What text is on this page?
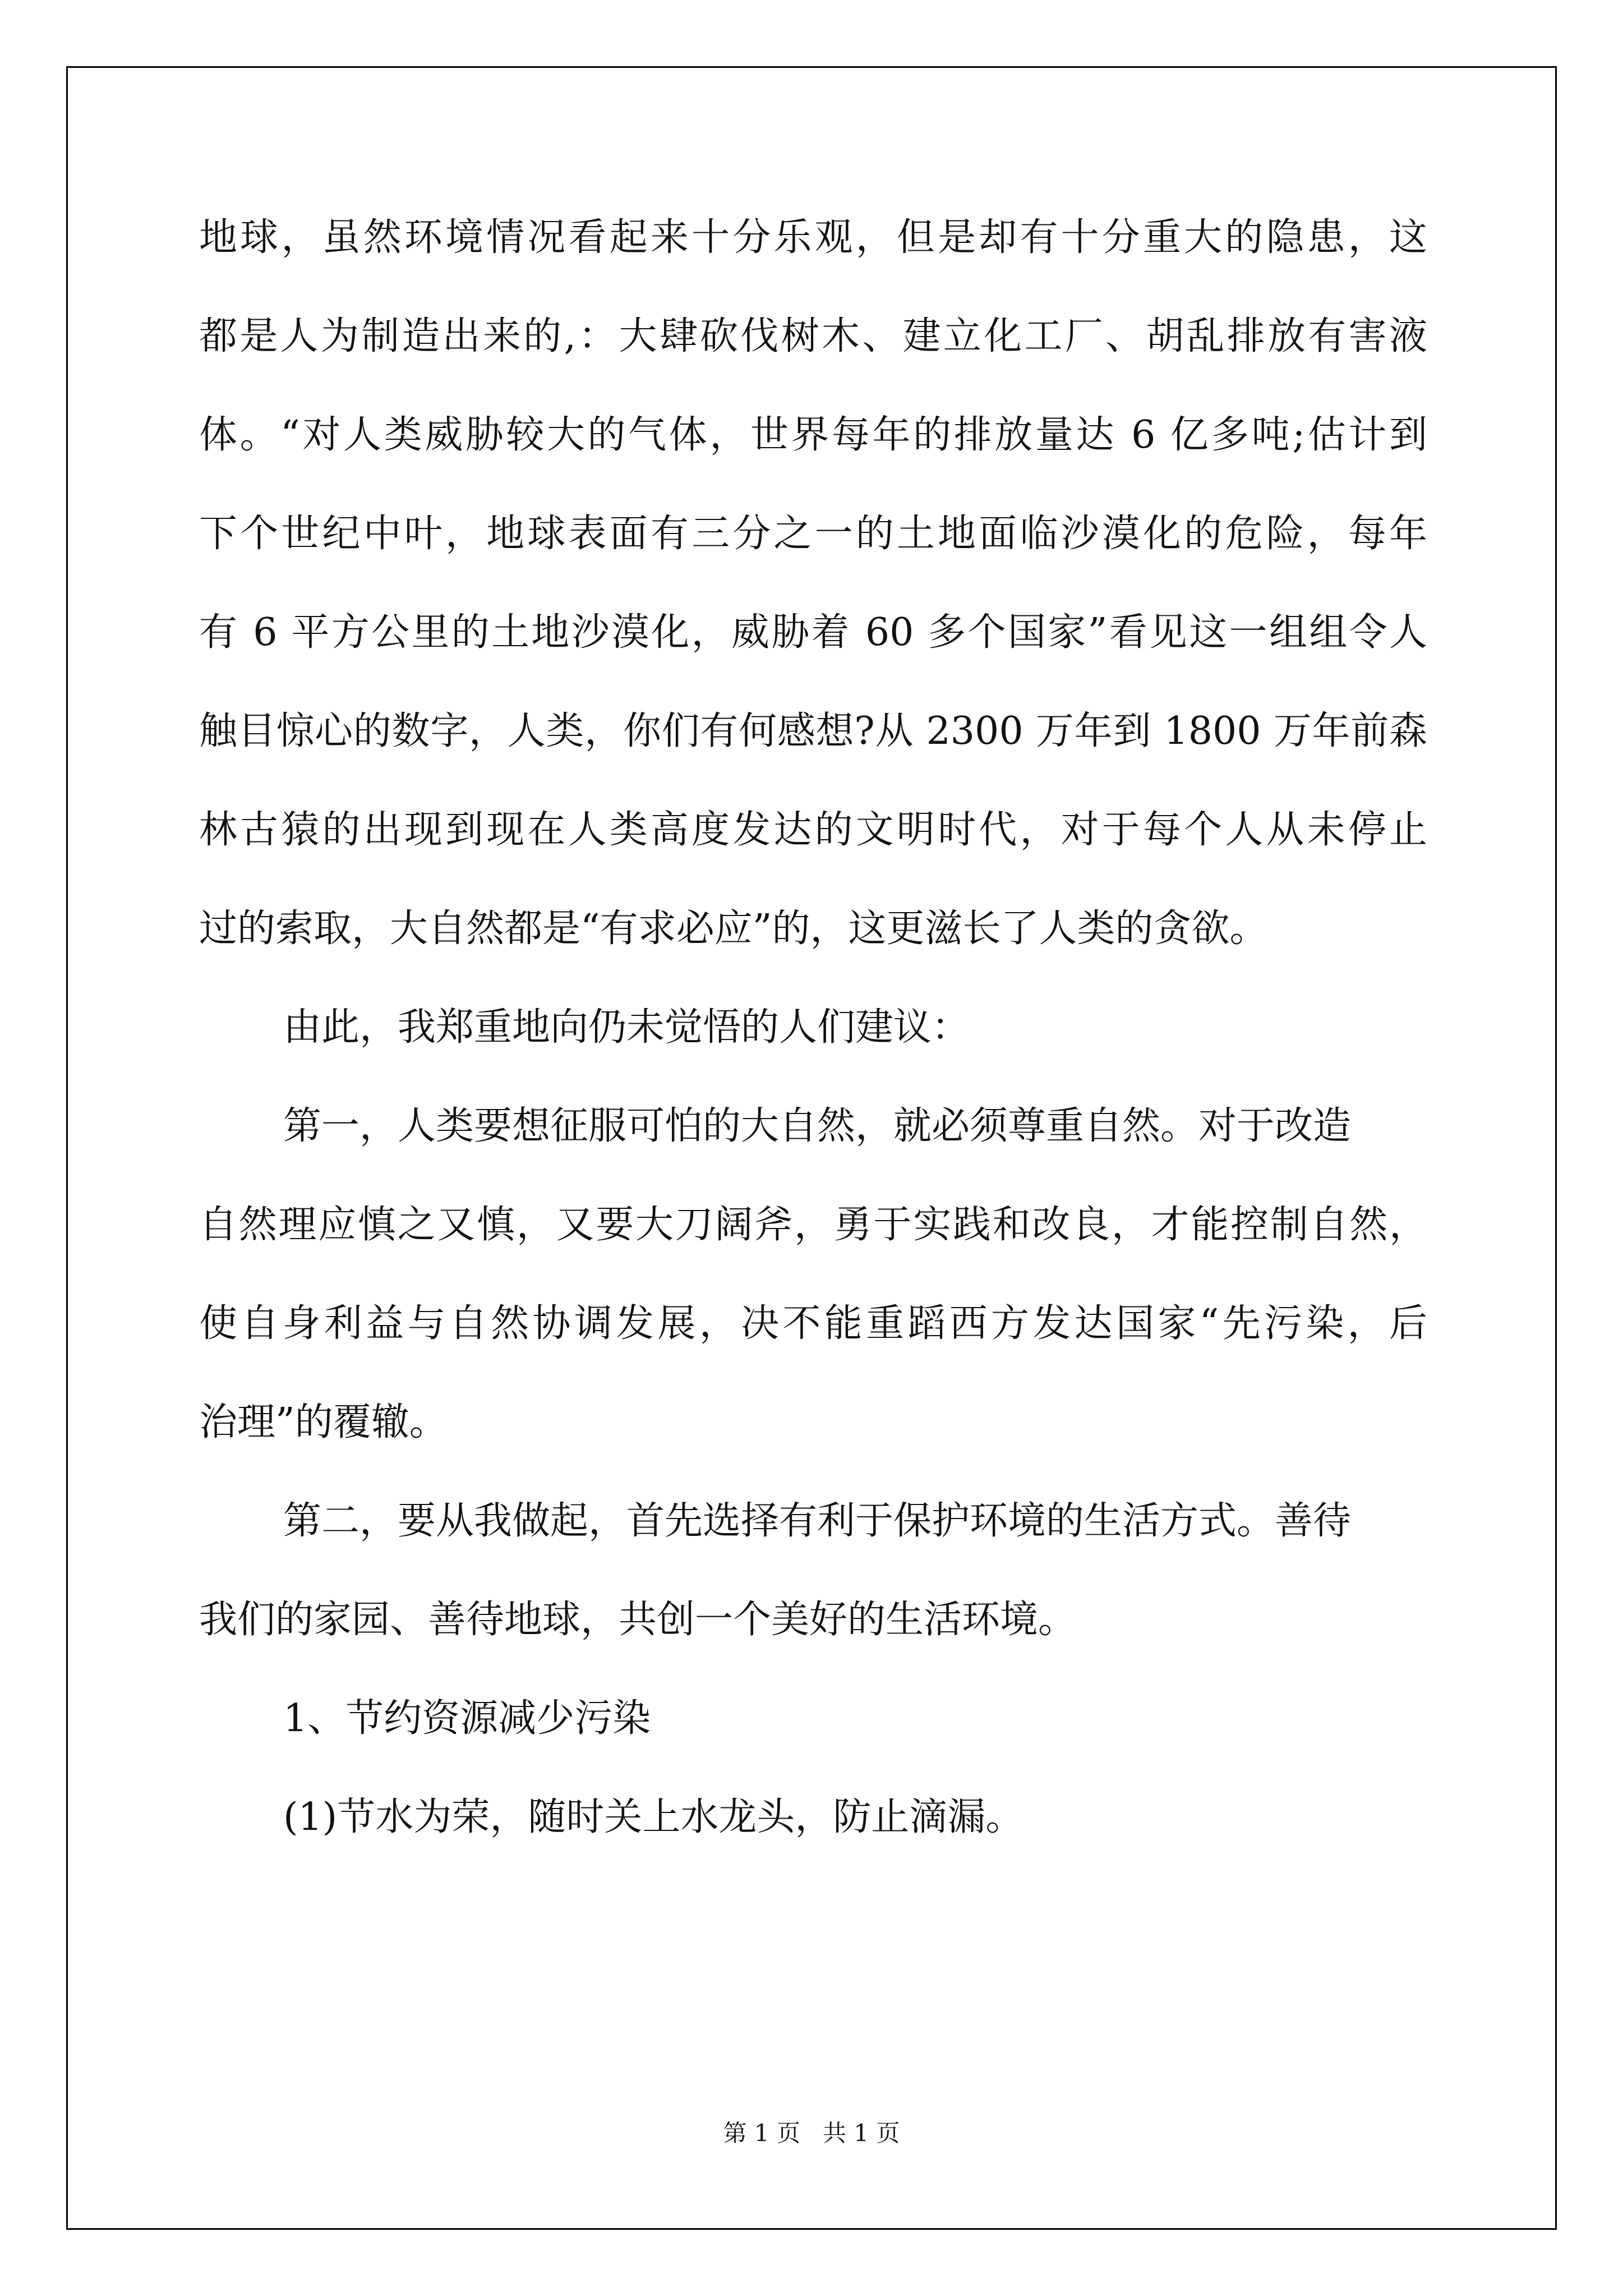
地球，虽然环境情况看起来十分乐观，但是却有十分重大的隐患，这
都是人为制造出来的,：大肆砍伐树木、建立化工厂、胡乱排放有害液
体。“对人类威胁较大的气体，世界每年的排放量达 6 亿多吨;估计到
下个世纪中叶，地球表面有三分之一的土地面临沙漠化的危险，每年
有 6 平方公里的土地沙漠化，威胁着 60 多个国家”看见这一组组令人
触目惊心的数字，人类，你们有何感想?从 2300 万年到 1800 万年前森
林古猿的出现到现在人类高度发达的文明时代，对于每个人从未停止
过的索取，大自然都是“有求必应”的，这更滋长了人类的贪欲。
由此，我郑重地向仍未觉悟的人们建议：
第一，人类要想征服可怕的大自然，就必须尊重自然。对于改造
自然理应慎之又慎，又要大刀阔斧，勇于实践和改良，才能控制自然，
使自身利益与自然协调发展，决不能重蹈西方发达国家“先污染，后
治理”的覆辙。
第二，要从我做起，首先选择有利于保护环境的生活方式。善待
我们的家园、善待地球，共创一个美好的生活环境。
1、节约资源减少污染
(1)节水为荣，随时关上水龙头，防止滴漏。
第 1 页 共 1 页
